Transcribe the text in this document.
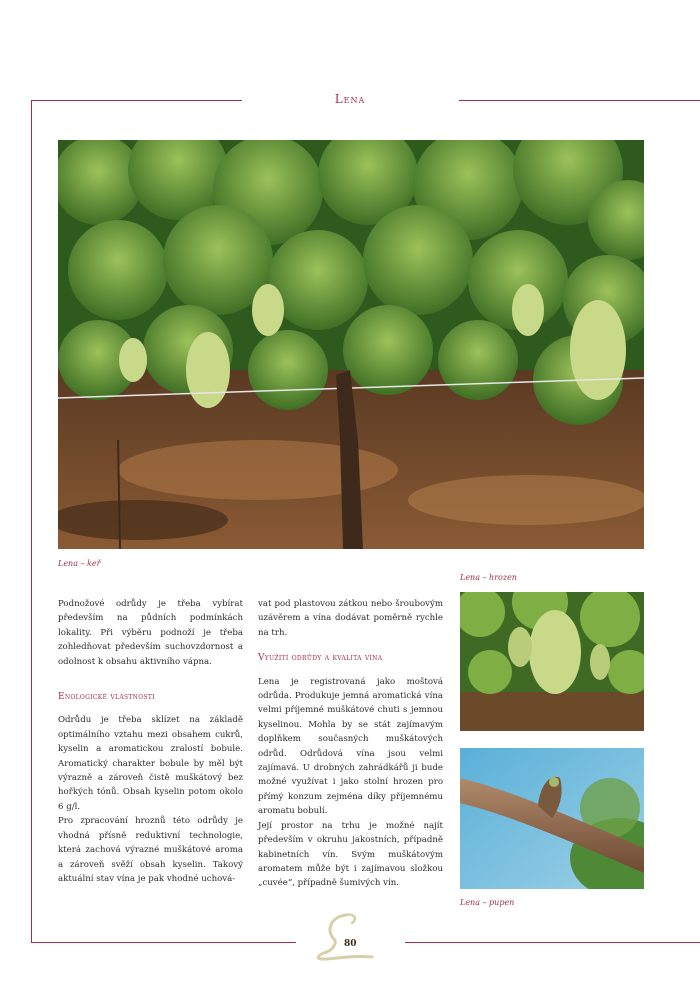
Lena
Lena – keř
Lena – hrozen
Lena – pupen

Podnožové odrůdy je třeba vybírat především na půdních podmínkách lokality. Při výběru podnoží je třeba zohledňovat především suchovzdornost a odolnost k obsahu aktivního vápna.

Enologické vlastnosti

Odrůdu je třeba sklízet na základě optimálního vztahu mezi obsahem cukrů, kyselin a aromatickou zralostí bobule. Aromatický charakter bobule by měl být výrazně a zároveň čistě muškátový bez hořkých tónů. Obsah kyselin potom okolo 6 g/l.

Pro zpracování hroznů této odrůdy je vhodná přísně reduktivní technologie, která zachová výrazné muškátové aroma a zároveň svěží obsah kyselin. Takový aktuální stav vína je pak vhodné uchová-

vat pod plastovou zátkou nebo šroubovým uzávěrem a vína dodávat poměrně rychle na trh.

Využití odrůdy a kvalita vína

Lena je registrovaná jako moštová odrůda. Produkuje jemná aromatická vína velmi příjemné muškátové chuti s jemnou kyselinou. Mohla by se stát zajímavým doplňkem současných muškátových odrůd. Odrůdová vína jsou velmi zajímavá. U drobných zahrádkářů ji bude možné využívat i jako stolní hrozen pro přímý konzum zejména díky příjemnému aromatu bobulí.

Její prostor na trhu je možné najít především v okruhu jakostních, případně kabinetních vín. Svým muškátovým aromatem může být i zajímavou složkou „cuvée“, případně šumivých vín.

80
